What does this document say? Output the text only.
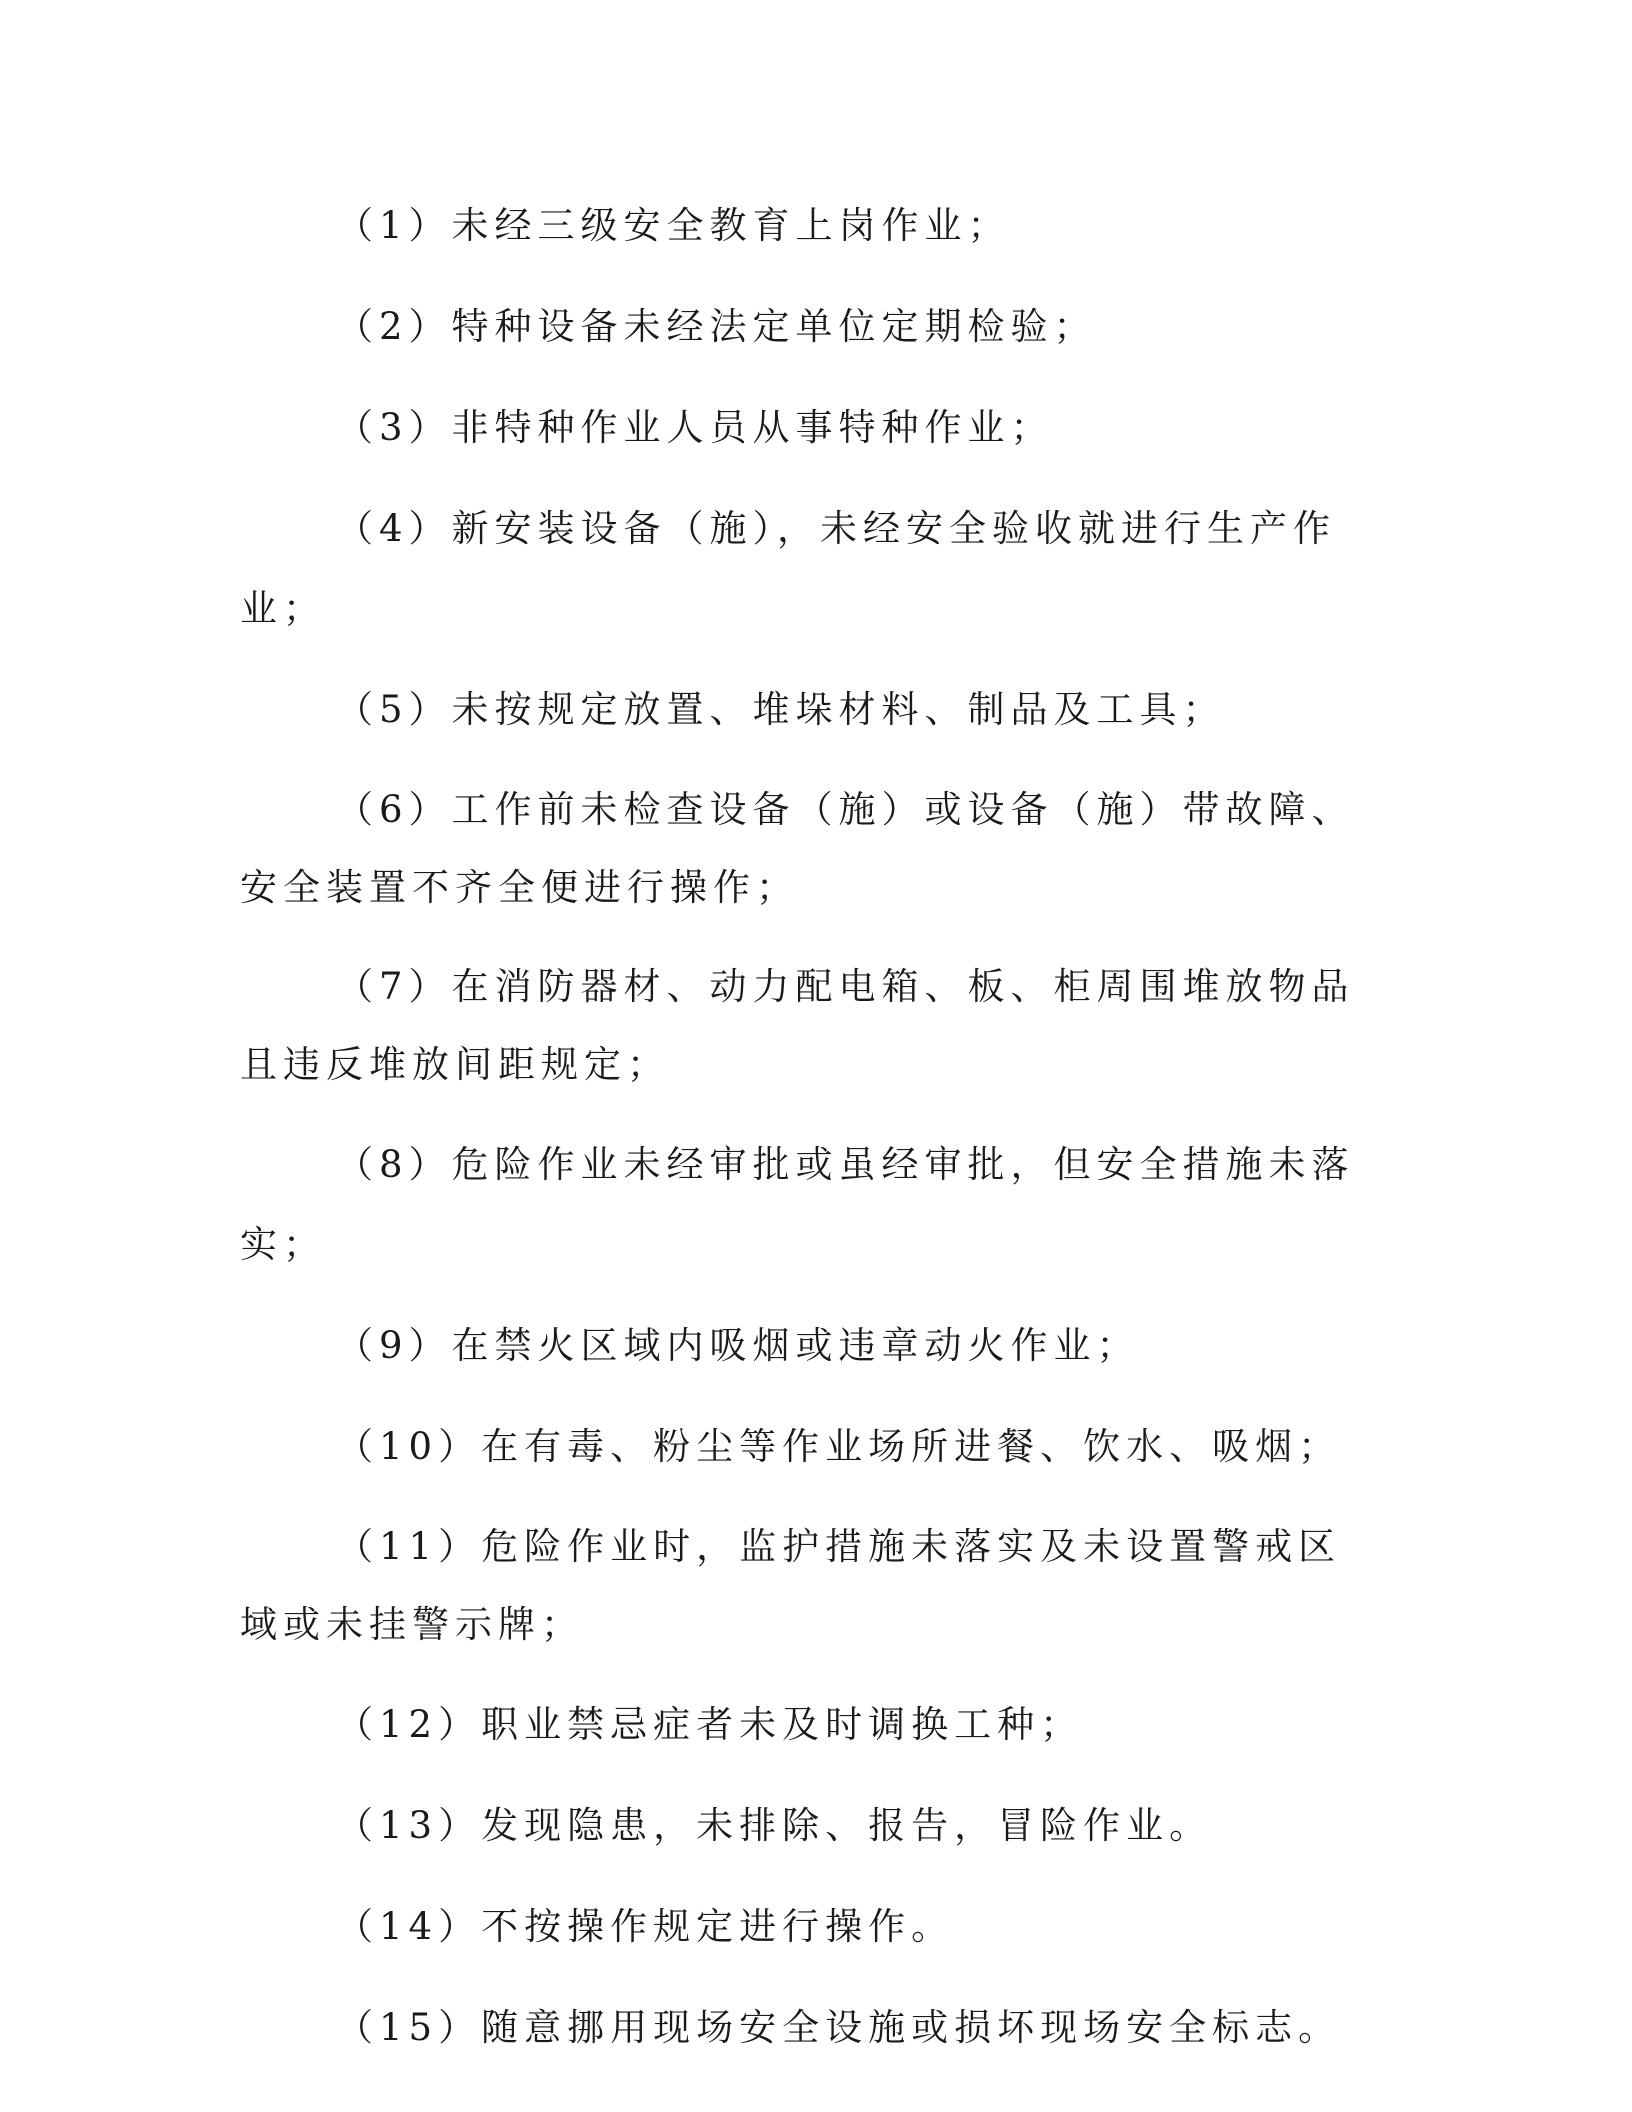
（1）未经三级安全教育上岗作业；

（2）特种设备未经法定单位定期检验；

（3）非特种作业人员从事特种作业；

（4）新安装设备（施），未经安全验收就进行生产作业；

（5）未按规定放置、堆垛材料、制品及工具；

（6）工作前未检查设备（施）或设备（施）带故障、安全装置不齐全便进行操作；

（7）在消防器材、动力配电箱、板、柜周围堆放物品且违反堆放间距规定；

（8）危险作业未经审批或虽经审批，但安全措施未落实；

（9）在禁火区域内吸烟或违章动火作业；

（10）在有毒、粉尘等作业场所进餐、饮水、吸烟；

（11）危险作业时，监护措施未落实及未设置警戒区域或未挂警示牌；

（12）职业禁忌症者未及时调换工种；

（13）发现隐患，未排除、报告，冒险作业。

（14）不按操作规定进行操作。

（15）随意挪用现场安全设施或损坏现场安全标志。
